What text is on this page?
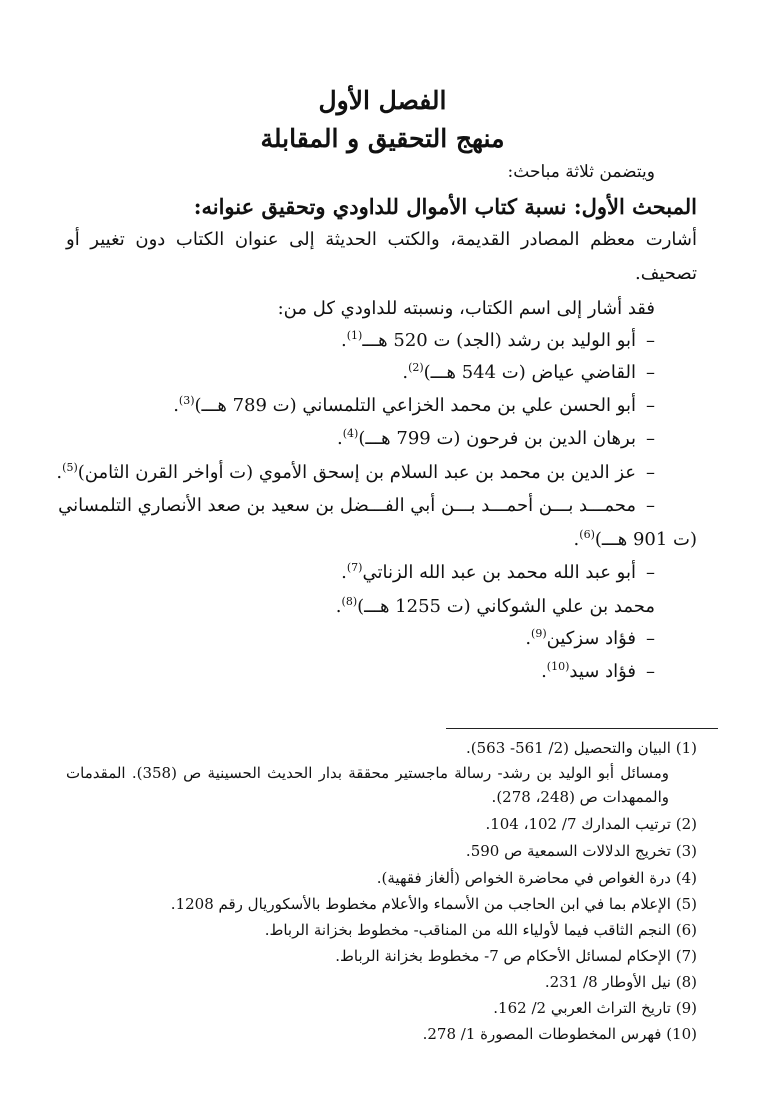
الفصل الأول
منهج التحقيق و المقابلة
ويتضمن ثلاثة مباحث:
المبحث الأول: نسبة كتاب الأموال للداودي وتحقيق عنوانه:
أشارت معظم المصادر القديمة، والكتب الحديثة إلى عنوان الكتاب دون تغيير أو
تصحيف.
فقد أشار إلى اسم الكتاب، ونسبته للداودي كل من:
–أبو الوليد بن رشد (الجد) ت 520 هـــ$^{(1)}$.
–القاضي عياض (ت 544 هـــ)$^{(2)}$.
–أبو الحسن علي بن محمد الخزاعي التلمساني (ت 789 هـــ)$^{(3)}$.
–برهان الدين بن فرحون (ت 799 هـــ)$^{(4)}$.
–عز الدين بن محمد بن عبد السلام بن إسحق الأموي (ت أواخر القرن الثامن)$^{(5)}$.
–محمـــد بـــن أحمـــد بـــن أبي الفـــضل بن سعيد بن صعد الأنصاري التلمساني
(ت 901 هـــ)$^{(6)}$.
–أبو عبد الله محمد بن عبد الله الزناتي$^{(7)}$.
محمد بن علي الشوكاني (ت 1255 هـــ)$^{(8)}$.
–فؤاد سزكين$^{(9)}$.
–فؤاد سيد$^{(10)}$.
(1) البيان والتحصيل (2/ 561- 563).
ومسائل أبو الوليد بن رشد- رسالة ماجستير محققة بدار الحديث الحسينية ص (358). المقدمات
والممهدات ص (248، 278).
(2) ترتيب المدارك 7/ 102، 104.
(3) تخريج الدلالات السمعية ص 590.
(4) درة الغواص في محاضرة الخواص (ألغاز فقهية).
(5) الإعلام بما في ابن الحاجب من الأسماء والأعلام مخطوط بالأسكوريال رقم 1208.
(6) النجم الثاقب فيما لأولياء الله من المناقب- مخطوط بخزانة الرباط.
(7) الإحكام لمسائل الأحكام ص 7- مخطوط بخزانة الرباط.
(8) نيل الأوطار 8/ 231.
(9) تاريخ التراث العربي 2/ 162.
(10) فهرس المخطوطات المصورة 1/ 278.
